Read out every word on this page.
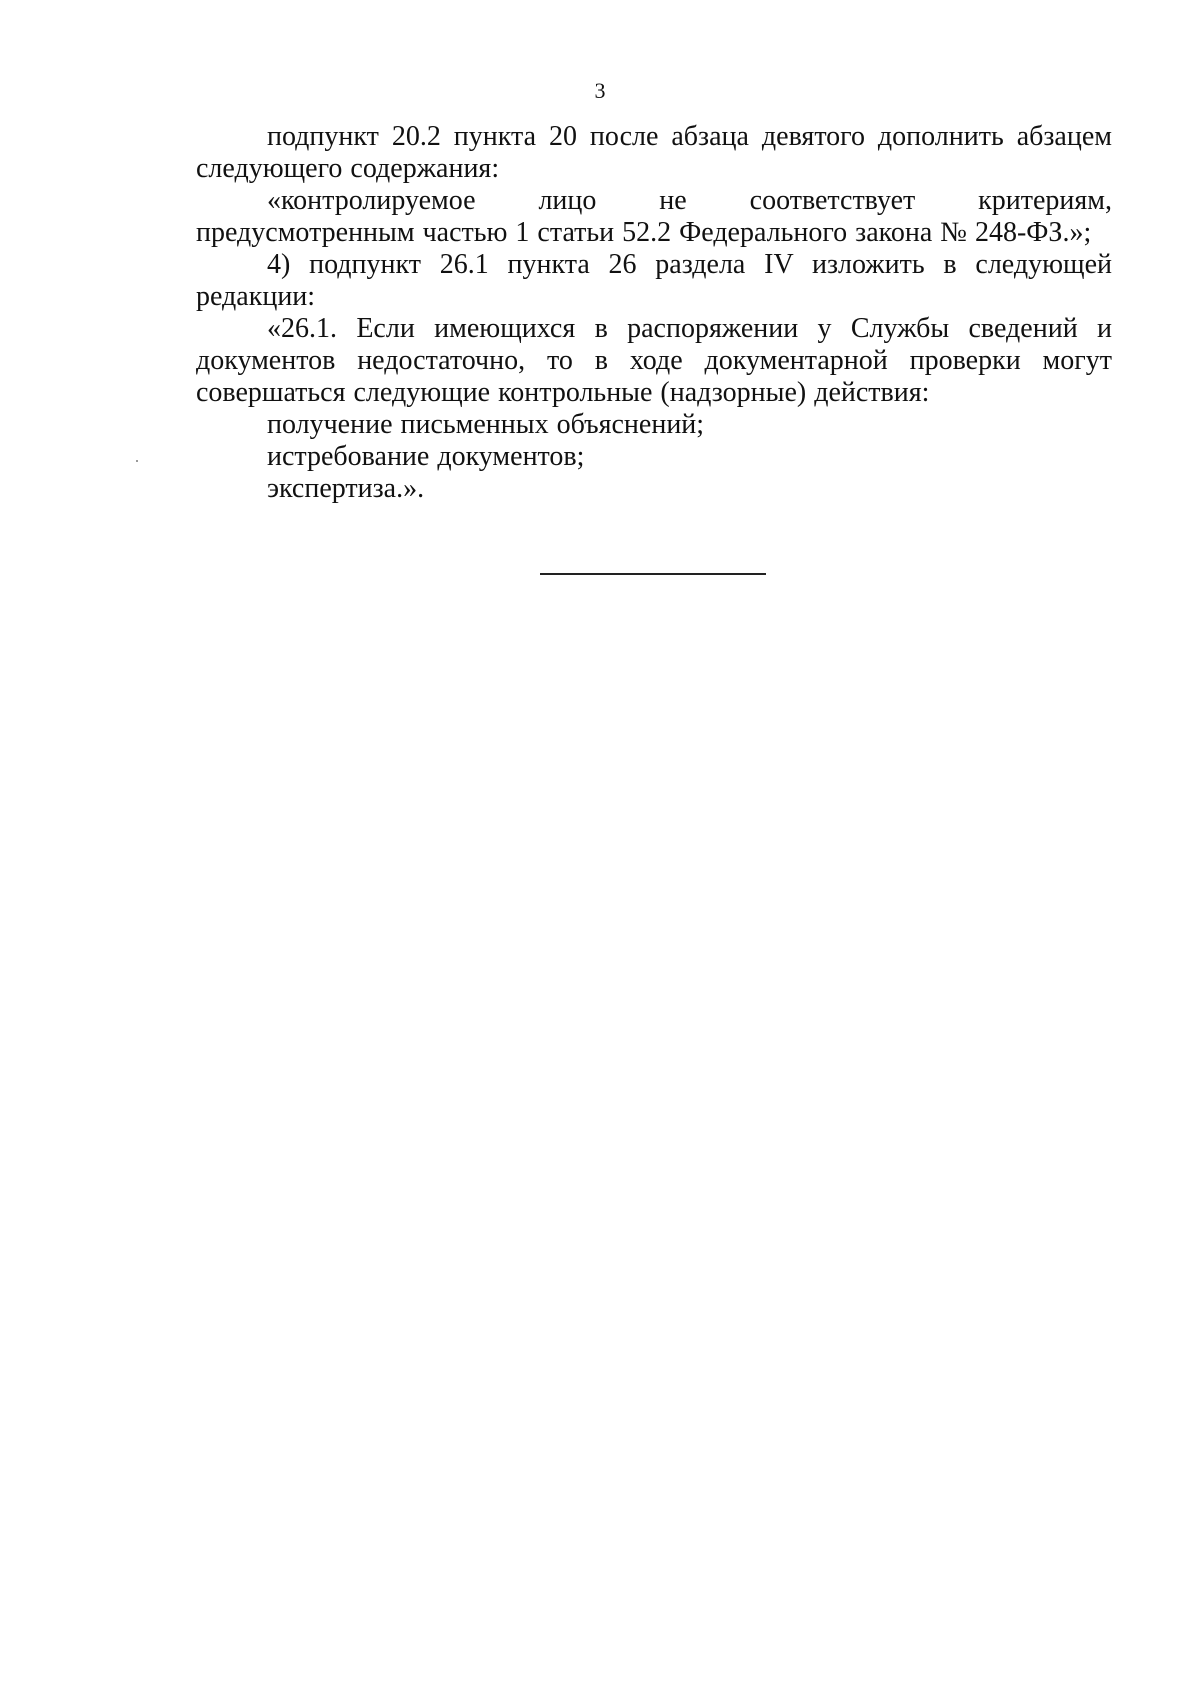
3

подпункт 20.2 пункта 20 после абзаца девятого дополнить абзацем следующего содержания:

«контролируемое лицо не соответствует критериям, предусмотренным частью 1 статьи 52.2 Федерального закона № 248-ФЗ.»;

4) подпункт 26.1 пункта 26 раздела IV изложить в следующей редакции:

«26.1. Если имеющихся в распоряжении у Службы сведений и документов недостаточно, то в ходе документарной проверки могут совершаться следующие контрольные (надзорные) действия:

получение письменных объяснений;

истребование документов;

экспертиза.».
